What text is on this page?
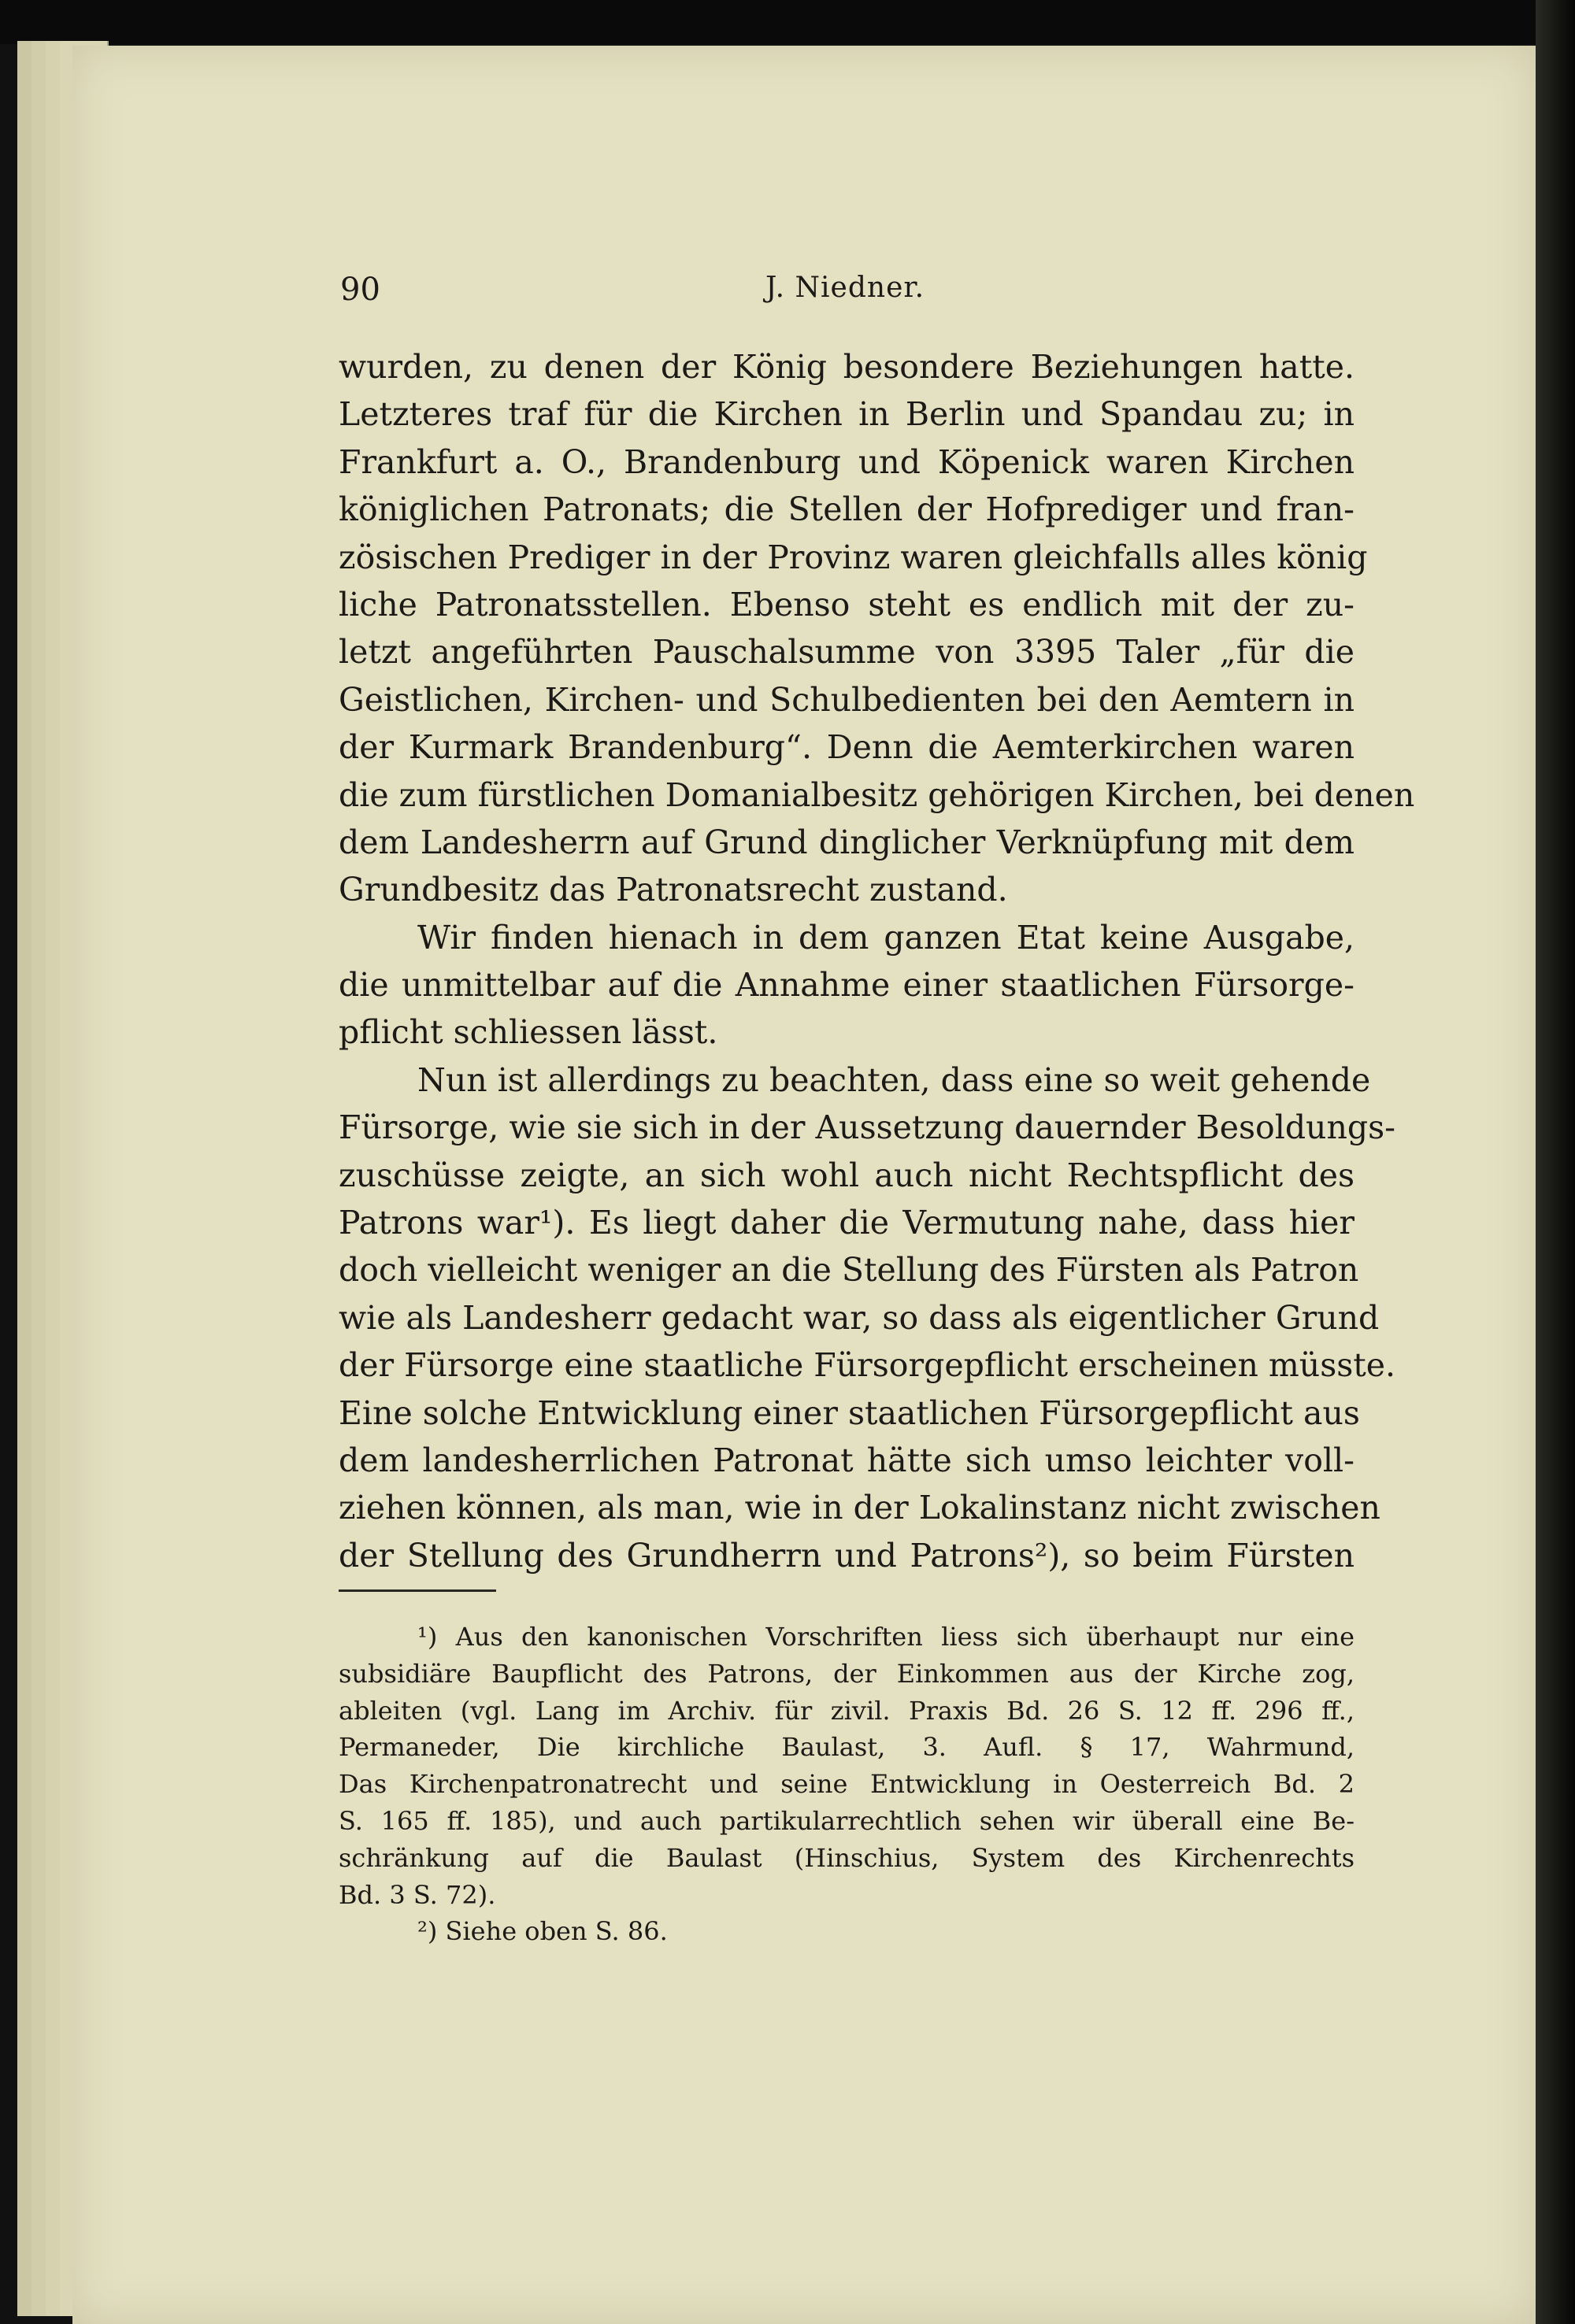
90	J. Niedner.
wurden, zu denen der König besondere Beziehungen hatte.
Letzteres traf für die Kirchen in Berlin und Spandau zu; in
Frankfurt a. O., Brandenburg und Köpenick waren Kirchen
königlichen Patronats; die Stellen der Hofprediger und fran-
zösischen Prediger in der Provinz waren gleichfalls alles könig
liche Patronatsstellen. Ebenso steht es endlich mit der zu-
letzt angeführten Pauschalsumme von 3395 Taler „für die
Geistlichen, Kirchen- und Schulbedienten bei den Aemtern in
der Kurmark Brandenburg“. Denn die Aemterkirchen waren
die zum fürstlichen Domanialbesitz gehörigen Kirchen, bei denen
dem Landesherrn auf Grund dinglicher Verknüpfung mit dem
Grundbesitz das Patronatsrecht zustand.
Wir finden hienach in dem ganzen Etat keine Ausgabe,
die unmittelbar auf die Annahme einer staatlichen Fürsorge-
pflicht schliessen lässt.
Nun ist allerdings zu beachten, dass eine so weit gehende
Fürsorge, wie sie sich in der Aussetzung dauernder Besoldungs-
zuschüsse zeigte, an sich wohl auch nicht Rechtspflicht des
Patrons war¹). Es liegt daher die Vermutung nahe, dass hier
doch vielleicht weniger an die Stellung des Fürsten als Patron
wie als Landesherr gedacht war, so dass als eigentlicher Grund
der Fürsorge eine staatliche Fürsorgepflicht erscheinen müsste.
Eine solche Entwicklung einer staatlichen Fürsorgepflicht aus
dem landesherrlichen Patronat hätte sich umso leichter voll-
ziehen können, als man, wie in der Lokalinstanz nicht zwischen
der Stellung des Grundherrn und Patrons²), so beim Fürsten
¹) Aus den kanonischen Vorschriften liess sich überhaupt nur eine
subsidiäre Baupflicht des Patrons, der Einkommen aus der Kirche zog,
ableiten (vgl. Lang im Archiv. für zivil. Praxis Bd. 26 S. 12 ff. 296 ff.,
Permaneder, Die kirchliche Baulast, 3. Aufl. § 17, Wahrmund,
Das Kirchenpatronatrecht und seine Entwicklung in Oesterreich Bd. 2
S. 165 ff. 185), und auch partikularrechtlich sehen wir überall eine Be-
schränkung auf die Baulast (Hinschius, System des Kirchenrechts
Bd. 3 S. 72).
²) Siehe oben S. 86.
